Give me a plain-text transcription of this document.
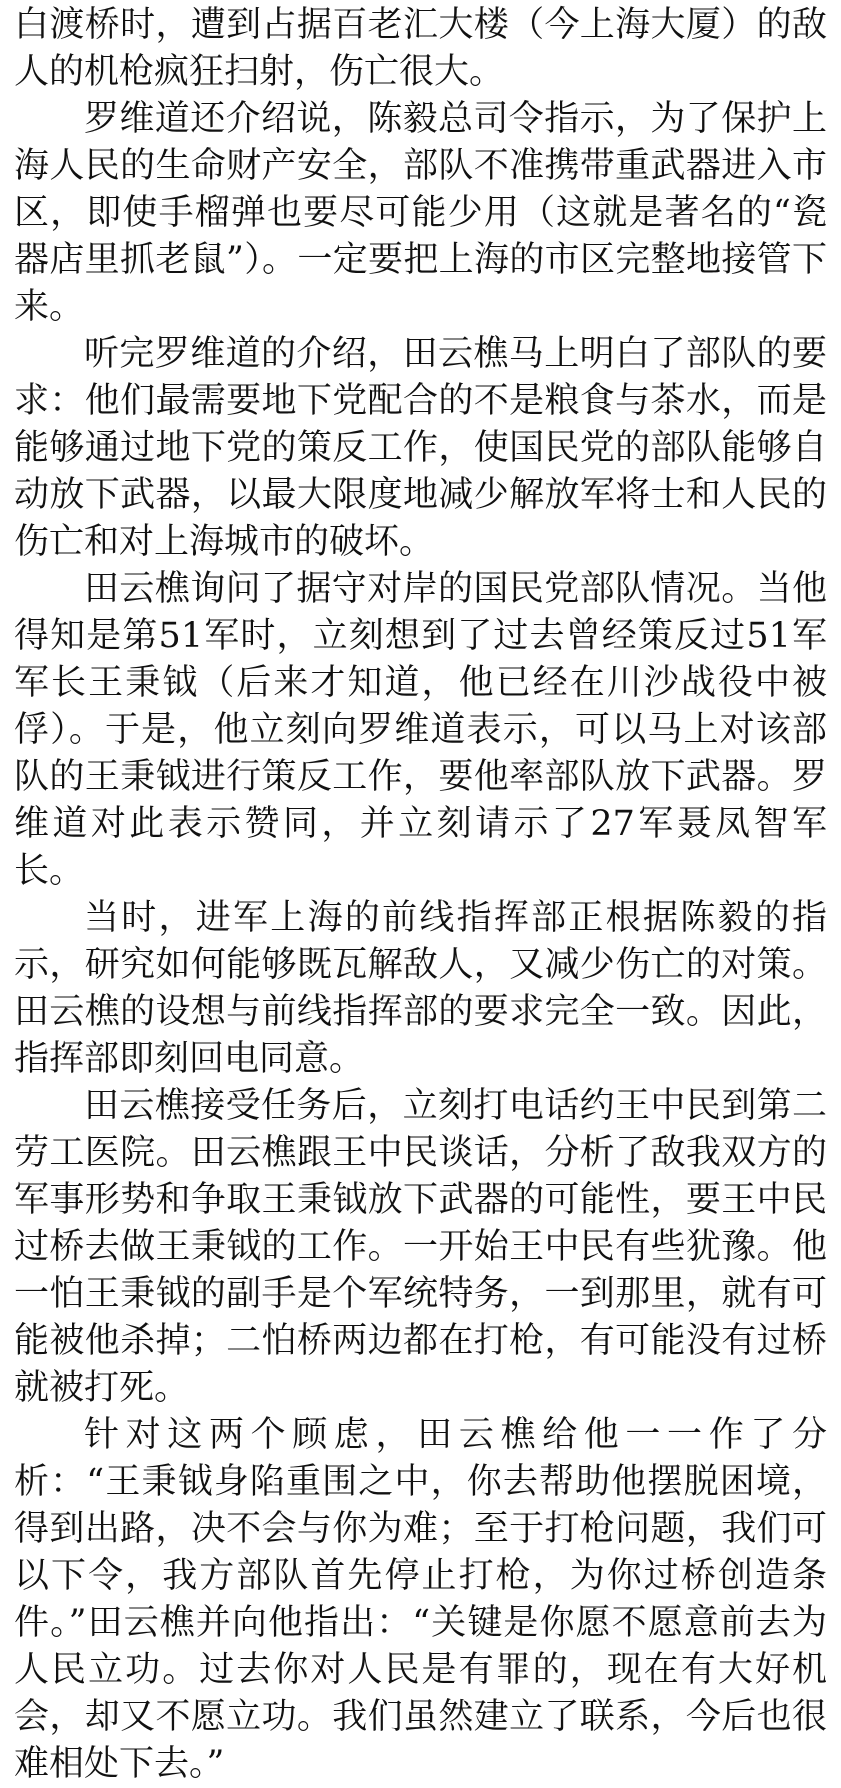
白渡桥时，遭到占据百老汇大楼（今上海大厦）的敌人的机枪疯狂扫射，伤亡很大。

罗维道还介绍说，陈毅总司令指示，为了保护上海人民的生命财产安全，部队不准携带重武器进入市区，即使手榴弹也要尽可能少用（这就是著名的“瓷器店里抓老鼠”）。一定要把上海的市区完整地接管下来。

听完罗维道的介绍，田云樵马上明白了部队的要求：他们最需要地下党配合的不是粮食与茶水，而是能够通过地下党的策反工作，使国民党的部队能够自动放下武器，以最大限度地减少解放军将士和人民的伤亡和对上海城市的破坏。

田云樵询问了据守对岸的国民党部队情况。当他得知是第51军时，立刻想到了过去曾经策反过51军军长王秉钺（后来才知道，他已经在川沙战役中被俘）。于是，他立刻向罗维道表示，可以马上对该部队的王秉钺进行策反工作，要他率部队放下武器。罗维道对此表示赞同，并立刻请示了27军聂凤智军长。

当时，进军上海的前线指挥部正根据陈毅的指示，研究如何能够既瓦解敌人，又减少伤亡的对策。田云樵的设想与前线指挥部的要求完全一致。因此，指挥部即刻回电同意。

田云樵接受任务后，立刻打电话约王中民到第二劳工医院。田云樵跟王中民谈话，分析了敌我双方的军事形势和争取王秉钺放下武器的可能性，要王中民过桥去做王秉钺的工作。一开始王中民有些犹豫。他一怕王秉钺的副手是个军统特务，一到那里，就有可能被他杀掉；二怕桥两边都在打枪，有可能没有过桥就被打死。

针对这两个顾虑，田云樵给他一一作了分析：“王秉钺身陷重围之中，你去帮助他摆脱困境，得到出路，决不会与你为难；至于打枪问题，我们可以下令，我方部队首先停止打枪，为你过桥创造条件。”田云樵并向他指出：“关键是你愿不愿意前去为人民立功。过去你对人民是有罪的，现在有大好机会，却又不愿立功。我们虽然建立了联系，今后也很难相处下去。”
